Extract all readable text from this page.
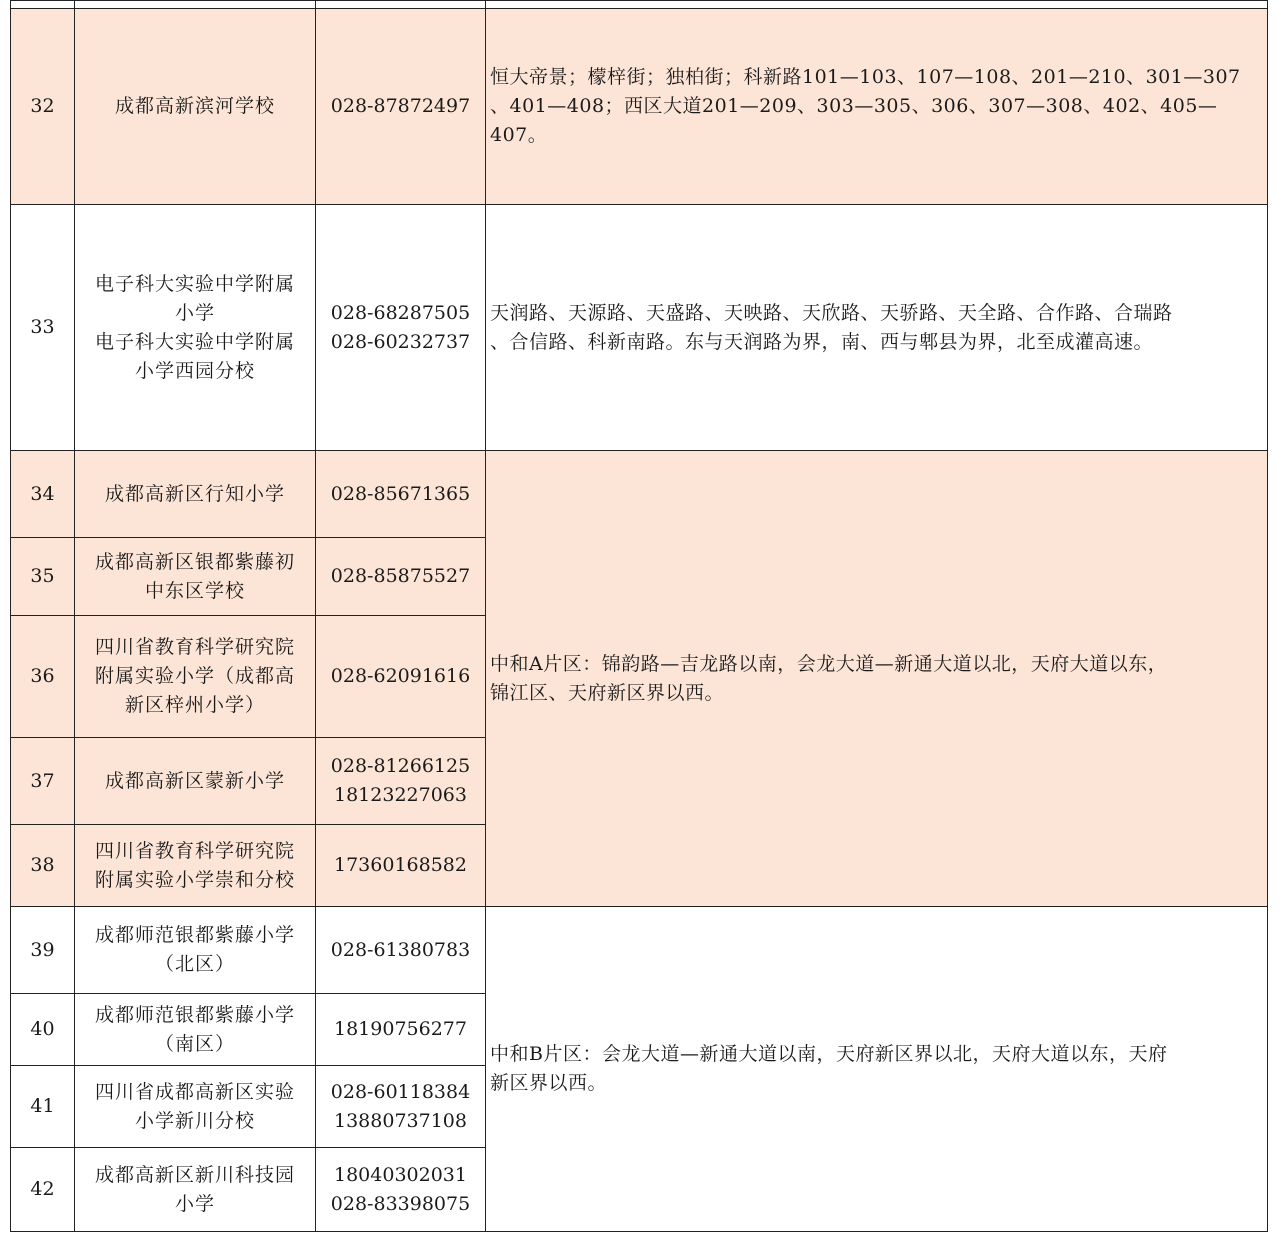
32	成都高新滨河学校	028-87872497	恒大帝景；檬梓街；独柏街；科新路101—103、107—108、201—210、301—307
、401—408；西区大道201—209、303—305、306、307—308、402、405—407。

33	电子科大实验中学附属
小学
电子科大实验中学附属
小学西园分校	028-68287505
028-60232737	天润路、天源路、天盛路、天映路、天欣路、天骄路、天全路、合作路、合瑞路
、合信路、科新南路。东与天润路为界，南、西与郫县为界，北至成灌高速。

34	成都高新区行知小学	028-85671365	中和A片区：锦韵路—吉龙路以南，会龙大道—新通大道以北，天府大道以东，
锦江区、天府新区界以西。

35	成都高新区银都紫藤初
中东区学校	028-85875527	

36	四川省教育科学研究院
附属实验小学（成都高
新区梓州小学）	028-62091616	

37	成都高新区蒙新小学	028-81266125
18123227063	

38	四川省教育科学研究院
附属实验小学崇和分校	17360168582	

39	成都师范银都紫藤小学
（北区）	028-61380783	中和B片区：会龙大道—新通大道以南，天府新区界以北，天府大道以东，天府
新区界以西。

40	成都师范银都紫藤小学
（南区）	18190756277	

41	四川省成都高新区实验
小学新川分校	028-60118384
13880737108	

42	成都高新区新川科技园
小学	18040302031
028-83398075	
